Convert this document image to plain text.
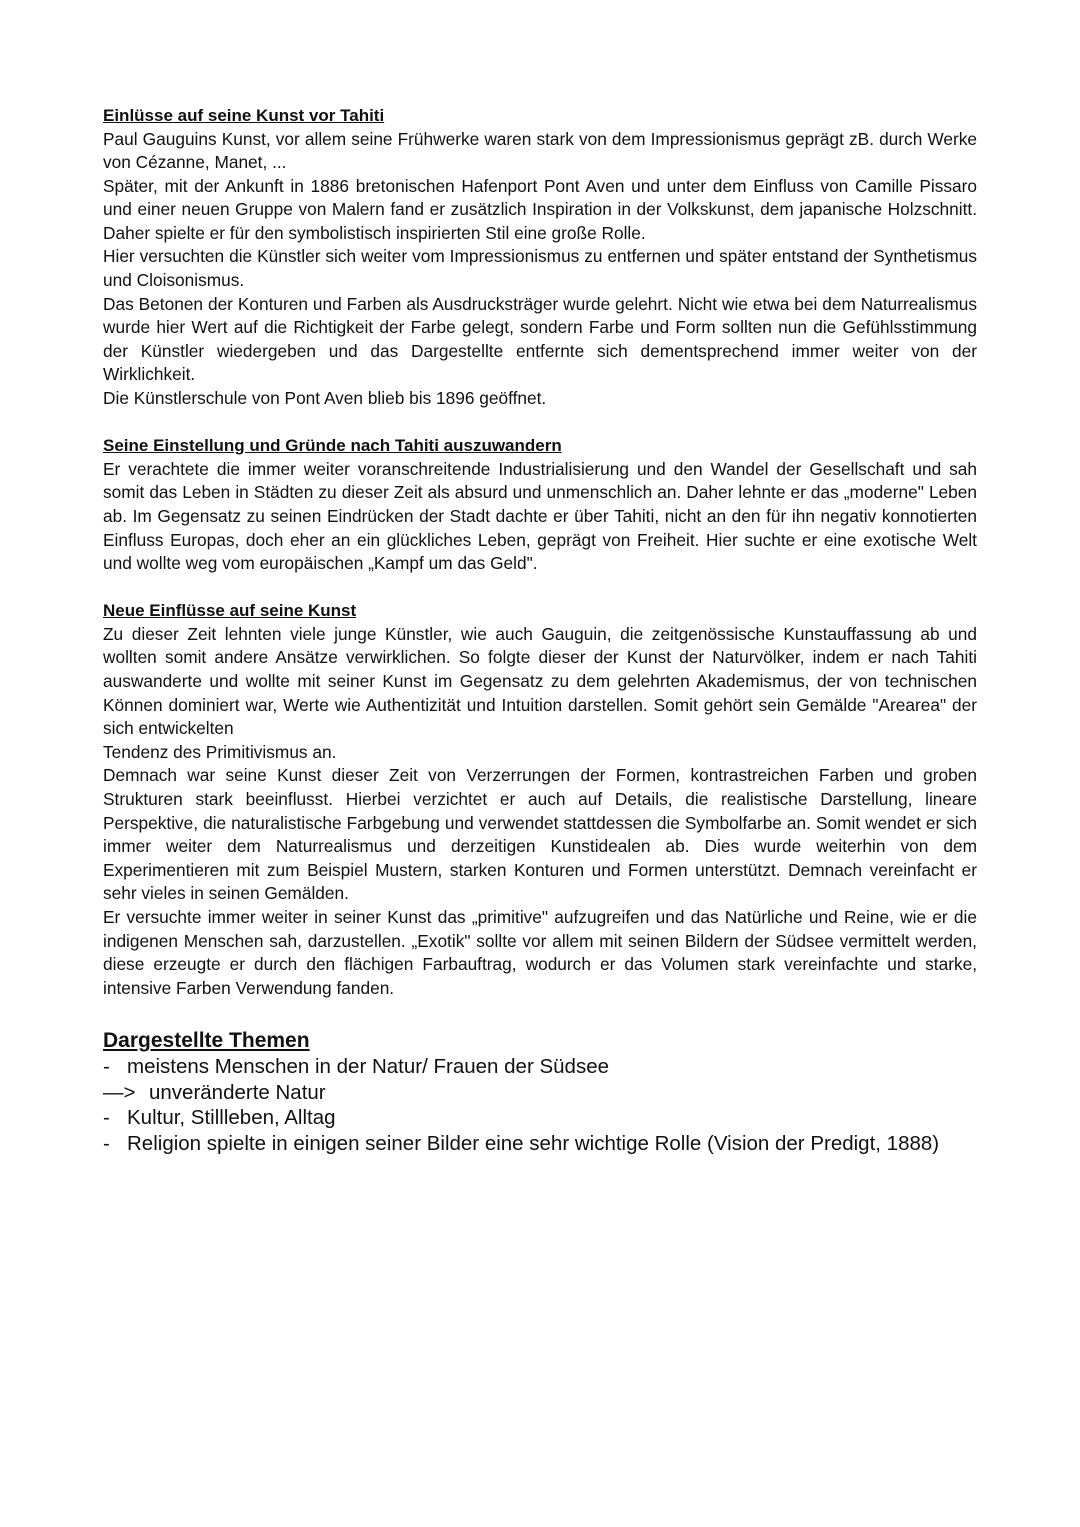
Einlüsse auf seine Kunst vor Tahiti

Paul Gauguins Kunst, vor allem seine Frühwerke waren stark von dem Impressionismus geprägt zB. durch Werke von Cézanne, Manet, ...

Später, mit der Ankunft in 1886 bretonischen Hafenport Pont Aven und unter dem Einfluss von Camille Pissaro und einer neuen Gruppe von Malern fand er zusätzlich Inspiration in der Volkskunst, dem japanische Holzschnitt. Daher spielte er für den symbolistisch inspirierten Stil eine große Rolle.

Hier versuchten die Künstler sich weiter vom Impressionismus zu entfernen und später entstand der Synthetismus und Cloisonismus.

Das Betonen der Konturen und Farben als Ausdrucksträger wurde gelehrt. Nicht wie etwa bei dem Naturrealismus wurde hier Wert auf die Richtigkeit der Farbe gelegt, sondern Farbe und Form sollten nun die Gefühlsstimmung der Künstler wiedergeben und das Dargestellte entfernte sich dementsprechend immer weiter von der Wirklichkeit.

Die Künstlerschule von Pont Aven blieb bis 1896 geöffnet.

Seine Einstellung und Gründe nach Tahiti auszuwandern

Er verachtete die immer weiter voranschreitende Industrialisierung und den Wandel der Gesellschaft und sah somit das Leben in Städten zu dieser Zeit als absurd und unmenschlich an. Daher lehnte er das „moderne" Leben ab. Im Gegensatz zu seinen Eindrücken der Stadt dachte er über Tahiti, nicht an den für ihn negativ konnotierten Einfluss Europas, doch eher an ein glückliches Leben, geprägt von Freiheit. Hier suchte er eine exotische Welt und wollte weg vom europäischen „Kampf um das Geld".

Neue Einflüsse auf seine Kunst

Zu dieser Zeit lehnten viele junge Künstler, wie auch Gauguin, die zeitgenössische Kunstauffassung ab und wollten somit andere Ansätze verwirklichen. So folgte dieser der Kunst der Naturvölker, indem er nach Tahiti auswanderte und wollte mit seiner Kunst im Gegensatz zu dem gelehrten Akademismus, der von technischen Können dominiert war, Werte wie Authentizität und Intuition darstellen. Somit gehört sein Gemälde "Arearea" der sich entwickelten

Tendenz des Primitivismus an.

Demnach war seine Kunst dieser Zeit von Verzerrungen der Formen, kontrastreichen Farben und groben Strukturen stark beeinflusst. Hierbei verzichtet er auch auf Details, die realistische Darstellung, lineare Perspektive, die naturalistische Farbgebung und verwendet stattdessen die Symbolfarbe an. Somit wendet er sich immer weiter dem Naturrealismus und derzeitigen Kunstidealen ab. Dies wurde weiterhin von dem Experimentieren mit zum Beispiel Mustern, starken Konturen und Formen unterstützt. Demnach vereinfacht er sehr vieles in seinen Gemälden.

Er versuchte immer weiter in seiner Kunst das „primitive" aufzugreifen und das Natürliche und Reine, wie er die indigenen Menschen sah, darzustellen. „Exotik" sollte vor allem mit seinen Bildern der Südsee vermittelt werden, diese erzeugte er durch den flächigen Farbauftrag, wodurch er das Volumen stark vereinfachte und starke, intensive Farben Verwendung fanden.

Dargestellte Themen

- meistens Menschen in der Natur/ Frauen der Südsee
—> unveränderte Natur
- Kultur, Stillleben, Alltag
- Religion spielte in einigen seiner Bilder eine sehr wichtige Rolle (Vision der Predigt, 1888)
